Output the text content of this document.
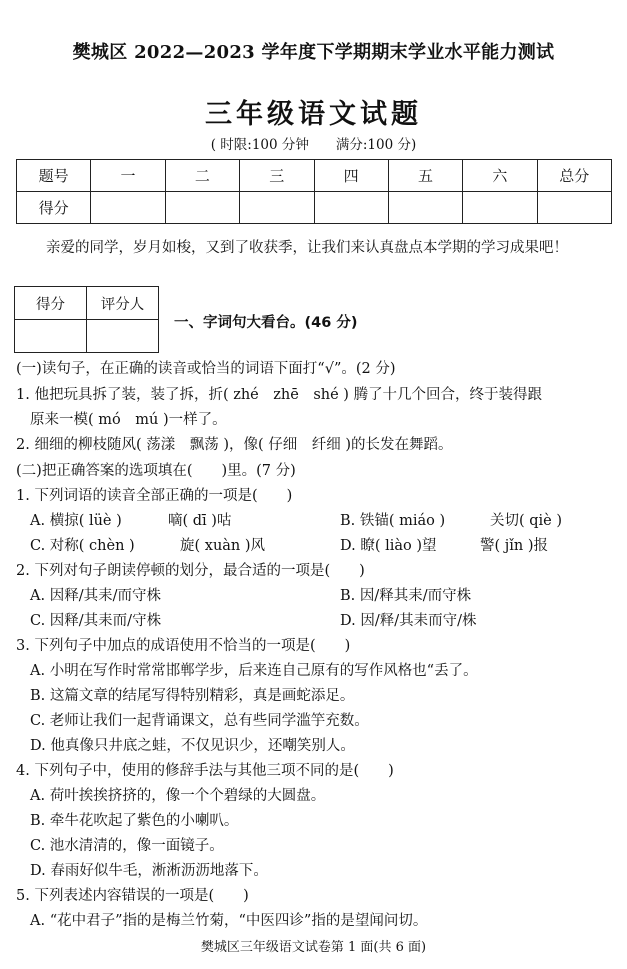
樊城区 2022—2023 学年度下学期期末学业水平能力测试
三年级语文试题
( 时限:100 分钟　　满分:100 分)
题号	一	二	三	四	五	六	总分
得分							
亲爱的同学，岁月如梭，又到了收获季，让我们来认真盘点本学期的学习成果吧！
得分	评分人

一、字词句大看台。(46 分)
(一)读句子，在正确的读音或恰当的词语下面打“√”。(2 分)
1. 他把玩具拆了装，装了拆，折( zhé　zhē　shé ) 腾了十几个回合，终于装得跟
原来一模( mó　mú )一样了。
2. 细细的柳枝随风( 荡漾　飘荡 )，像( 仔细　纤细 )的长发在舞蹈。
(二)把正确答案的选项填在(　　)里。(7 分)
1. 下列词语的读音全部正确的一项是(　　)
A. 横掠( lüè )	嘀( dī )咕	B. 铁锚( miáo )	关切( qiè )
C. 对称( chèn )	旋( xuàn )风	D. 瞭( liào )望	警( jǐn )报
2. 下列对句子朗读停顿的划分，最合适的一项是(　　)
A. 因释/其耒/而守株	B. 因/释其耒/而守株
C. 因释/其耒而/守株	D. 因/释/其耒而守/株
3. 下列句子中加点的成语使用不恰当的一项是(　　)
A. 小明在写作时常常邯郸学步，后来连自己原有的写作风格也“丢了。
B. 这篇文章的结尾写得特别精彩，真是画蛇添足。
C. 老师让我们一起背诵课文，总有些同学滥竽充数。
D. 他真像只井底之蛙，不仅见识少，还嘲笑别人。
4. 下列句子中，使用的修辞手法与其他三项不同的是(　　)
A. 荷叶挨挨挤挤的，像一个个碧绿的大圆盘。
B. 牵牛花吹起了紫色的小喇叭。
C. 池水清清的，像一面镜子。
D. 春雨好似牛毛，淅淅沥沥地落下。
5. 下列表述内容错误的一项是(　　)
A. “花中君子”指的是梅兰竹菊，“中医四诊”指的是望闻问切。
樊城区三年级语文试卷第 1 面(共 6 面)
